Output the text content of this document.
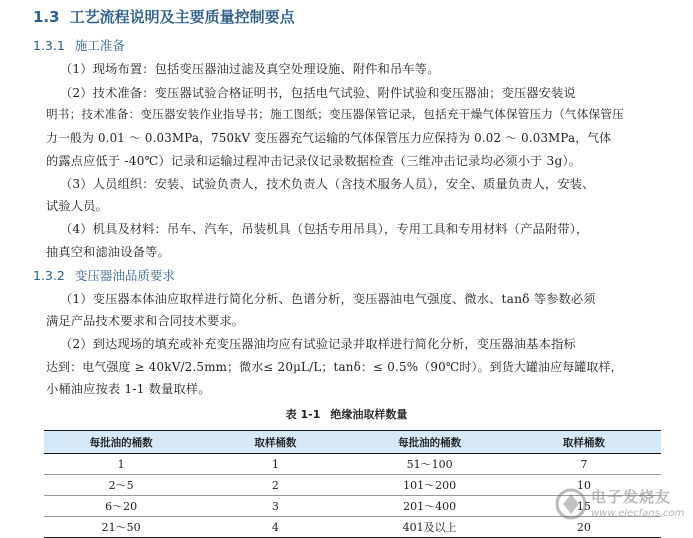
1.3 工艺流程说明及主要质量控制要点
1.3.1 施工准备
（1）现场布置：包括变压器油过滤及真空处理设施、附件和吊车等。
（2）技术准备：变压器试验合格证明书，包括电气试验、附件试验和变压器油；变压器安装说
明书；技术准备：变压器安装作业指导书；施工图纸；变压器保管记录，包括充干燥气体保管压力（气体保管压
力一般为 0.01 ～ 0.03MPa，750kV 变压器充气运输的气体保管压力应保持为 0.02 ～ 0.03MPa，气体
的露点应低于 -40℃）记录和运输过程冲击记录仪记录数据检查（三维冲击记录均必须小于 3g）。
（3）人员组织：安装、试验负责人，技术负责人（含技术服务人员），安全、质量负责人，安装、
试验人员。
（4）机具及材料：吊车、汽车，吊装机具（包括专用吊具），专用工具和专用材料（产品附带），
抽真空和滤油设备等。
1.3.2 变压器油品质要求
（1）变压器本体油应取样进行简化分析、色谱分析，变压器油电气强度、微水、tanδ 等参数必须
满足产品技术要求和合同技术要求。
（2）到达现场的填充或补充变压器油均应有试验记录并取样进行简化分析，变压器油基本指标
达到：电气强度 ≥ 40kV/2.5mm；微水≤ 20μL/L；tanδ：≤ 0.5%（90℃时）。到货大罐油应每罐取样，
小桶油应按表 1-1 数量取样。
表 1-1 绝缘油取样数量
每批油的桶数	取样桶数	每批油的桶数	取样桶数
1	1	51～100	7
2～5	2	101～200	10
6～20	3	201～400	15
21～50	4	401及以上	20
电子发烧友
www.elecfans.com
